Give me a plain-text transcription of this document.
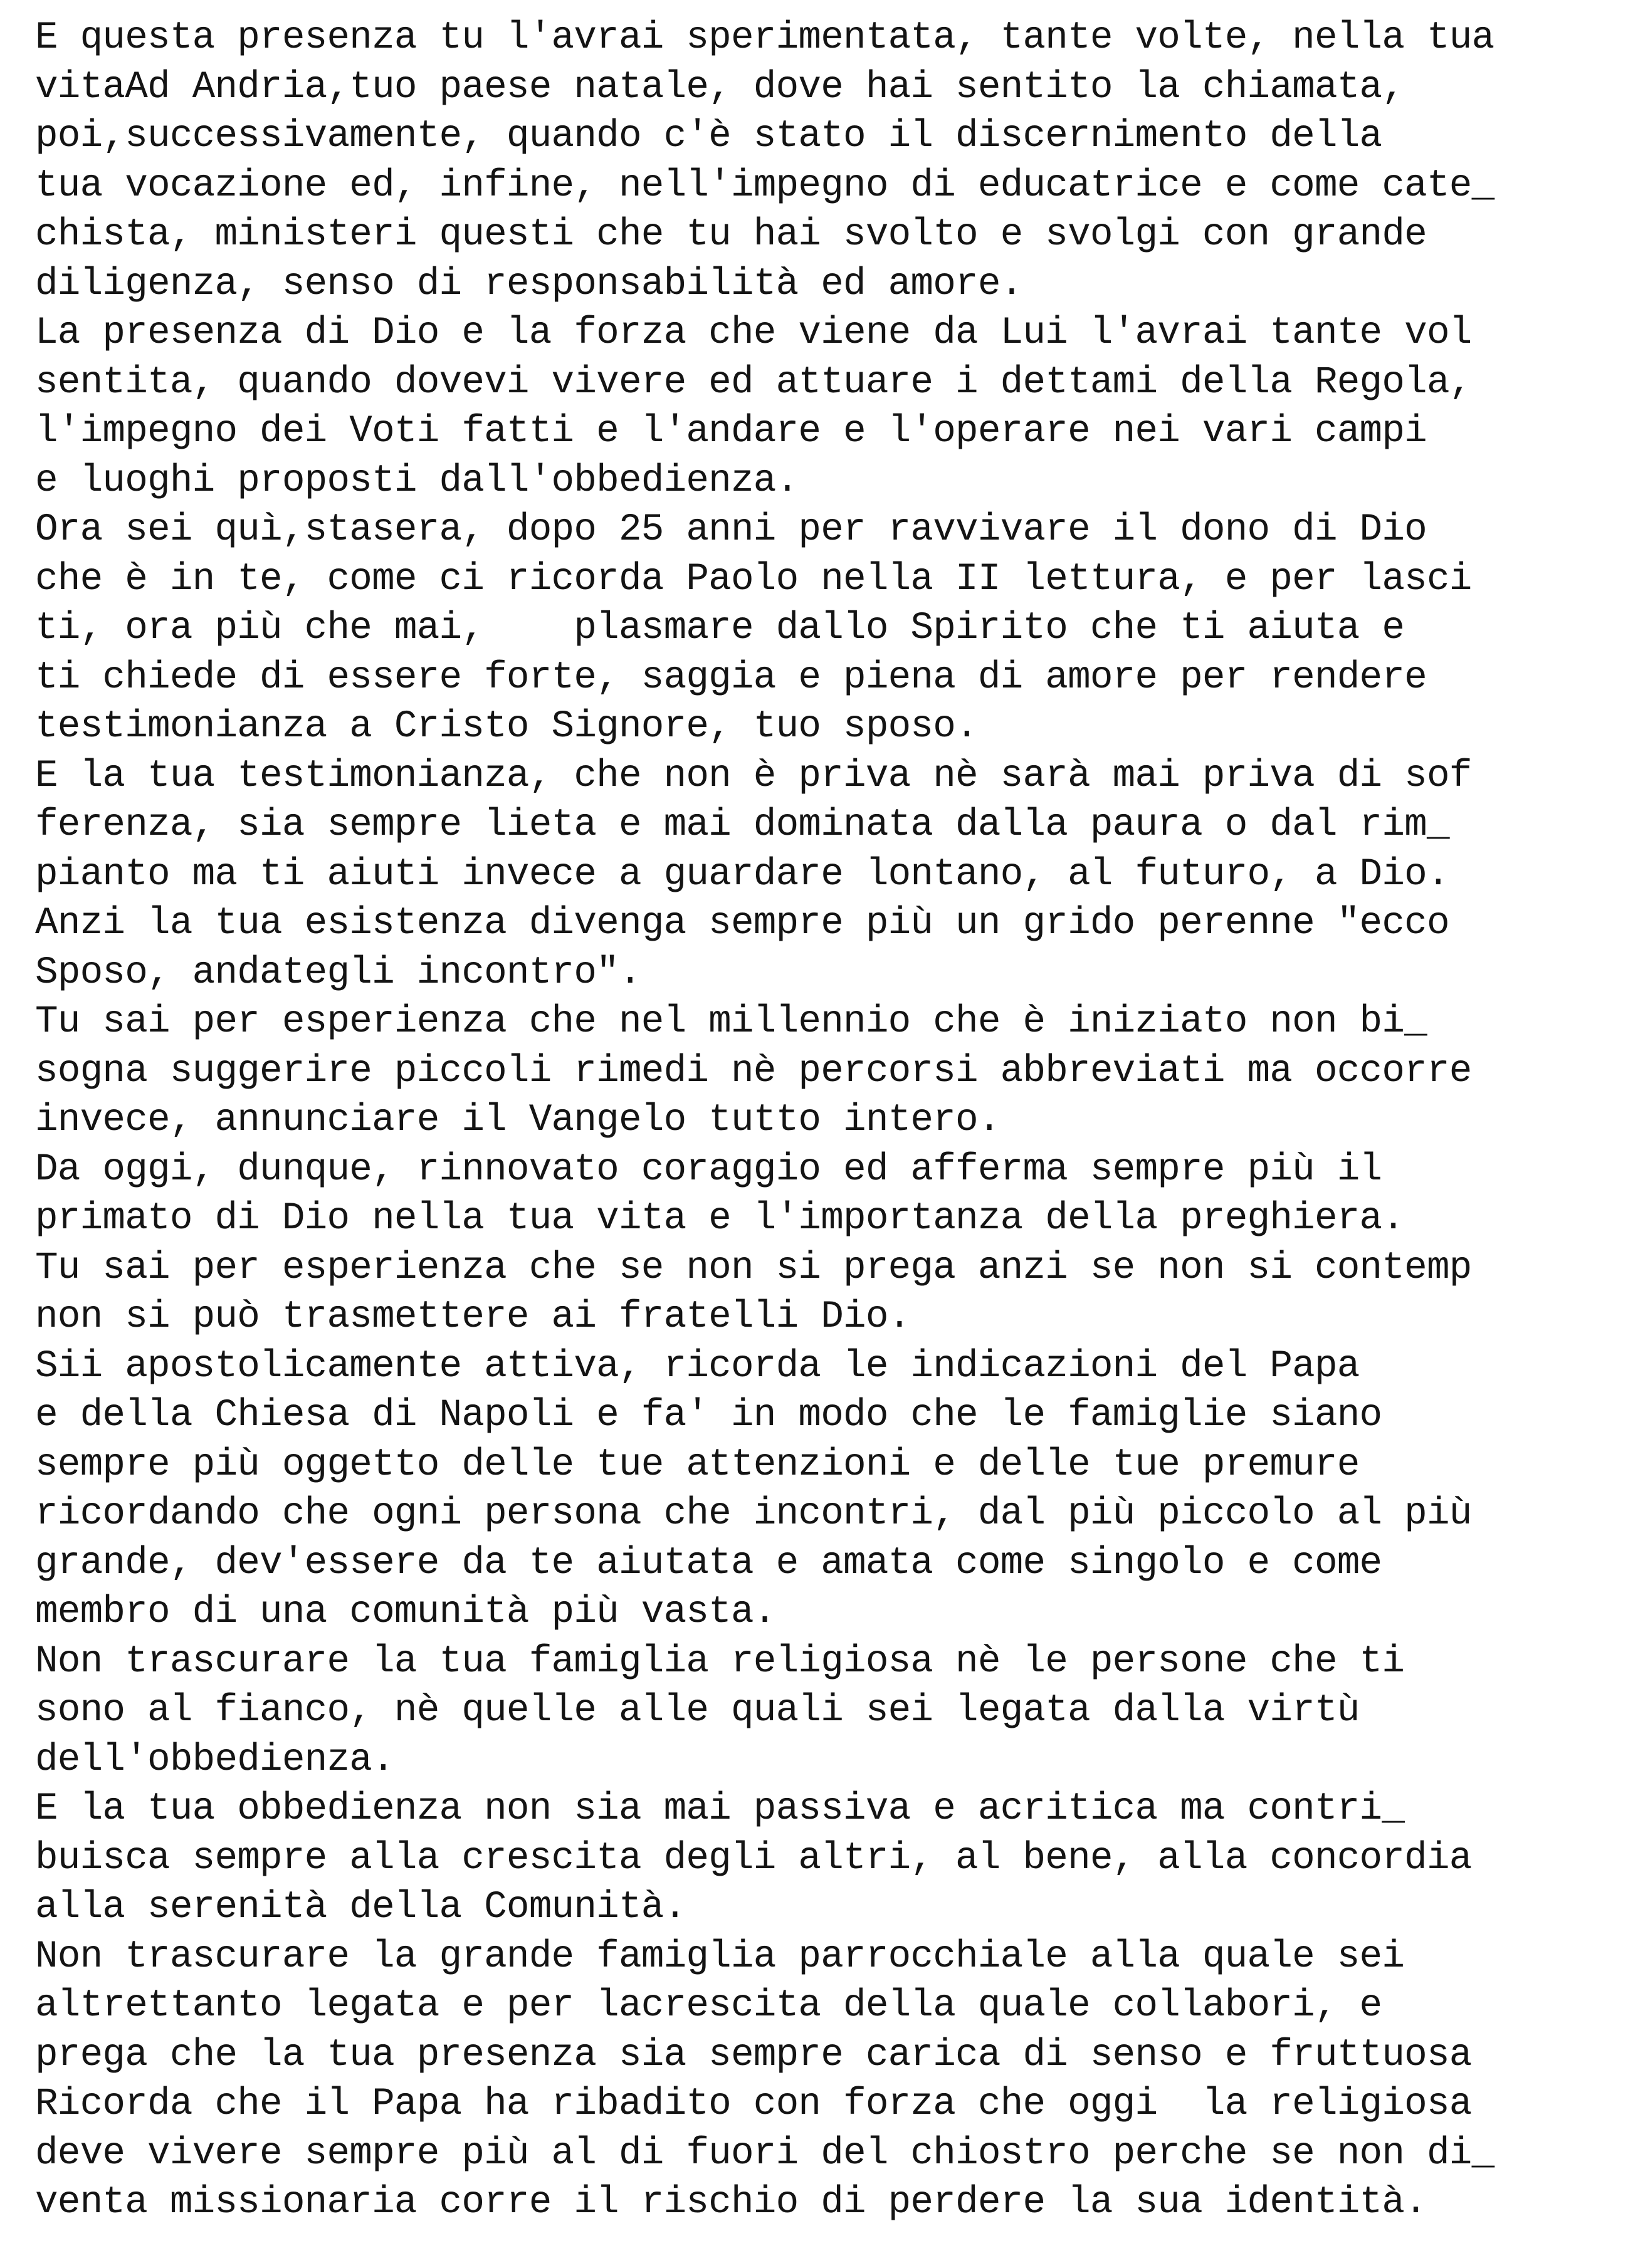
E questa presenza tu l'avrai sperimentata, tante volte, nella tua
vitaAd Andria,tuo paese natale, dove hai sentito la chiamata,
poi,successivamente, quando c'è stato il discernimento della
tua vocazione ed, infine, nell'impegno di educatrice e come cate_
chista, ministeri questi che tu hai svolto e svolgi con grande
diligenza, senso di responsabilità ed amore.
La presenza di Dio e la forza che viene da Lui l'avrai tante vol
sentita, quando dovevi vivere ed attuare i dettami della Regola,
l'impegno dei Voti fatti e l'andare e l'operare nei vari campi
e luoghi proposti dall'obbedienza.
Ora sei quì,stasera, dopo 25 anni per ravvivare il dono di Dio
che è in te, come ci ricorda Paolo nella II lettura, e per lasci
ti, ora più che mai,    plasmare dallo Spirito che ti aiuta e
ti chiede di essere forte, saggia e piena di amore per rendere
testimonianza a Cristo Signore, tuo sposo.
E la tua testimonianza, che non è priva nè sarà mai priva di sof
ferenza, sia sempre lieta e mai dominata dalla paura o dal rim_
pianto ma ti aiuti invece a guardare lontano, al futuro, a Dio.
Anzi la tua esistenza divenga sempre più un grido perenne "ecco
Sposo, andategli incontro".
Tu sai per esperienza che nel millennio che è iniziato non bi_
sogna suggerire piccoli rimedi nè percorsi abbreviati ma occorre
invece, annunciare il Vangelo tutto intero.
Da oggi, dunque, rinnovato coraggio ed afferma sempre più il
primato di Dio nella tua vita e l'importanza della preghiera.
Tu sai per esperienza che se non si prega anzi se non si contemp
non si può trasmettere ai fratelli Dio.
Sii apostolicamente attiva, ricorda le indicazioni del Papa
e della Chiesa di Napoli e fa' in modo che le famiglie siano
sempre più oggetto delle tue attenzioni e delle tue premure
ricordando che ogni persona che incontri, dal più piccolo al più
grande, dev'essere da te aiutata e amata come singolo e come
membro di una comunità più vasta.
Non trascurare la tua famiglia religiosa nè le persone che ti
sono al fianco, nè quelle alle quali sei legata dalla virtù
dell'obbedienza.
E la tua obbedienza non sia mai passiva e acritica ma contri_
buisca sempre alla crescita degli altri, al bene, alla concordia
alla serenità della Comunità.
Non trascurare la grande famiglia parrocchiale alla quale sei
altrettanto legata e per lacrescita della quale collabori, e
prega che la tua presenza sia sempre carica di senso e fruttuosa
Ricorda che il Papa ha ribadito con forza che oggi  la religiosa
deve vivere sempre più al di fuori del chiostro perche se non di_
venta missionaria corre il rischio di perdere la sua identità.
